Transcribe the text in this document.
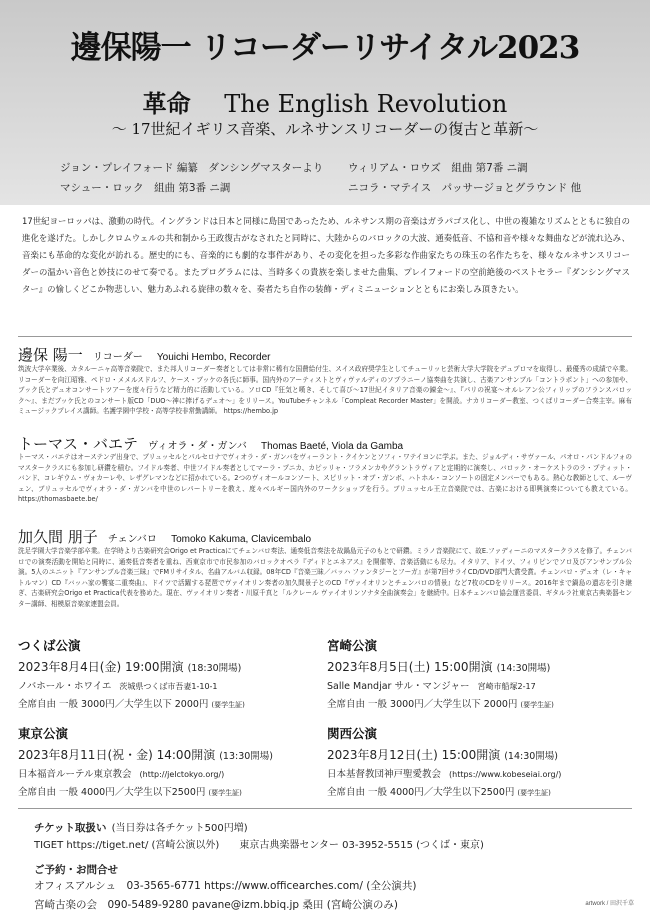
邊保陽一 リコーダーリサイタル2023
革命 The English Revolution
〜 17世紀イギリス音楽、ルネサンスリコーダーの復古と革新〜
ジョン・プレイフォード 編纂　ダンシングマスターより ウィリアム・ロウズ　組曲 第7番 ニ調
マシュー・ロック　組曲 第3番 ニ調	ニコラ・マテイス　パッサージョとグラウンド 他
17世紀ヨーロッパは、激動の時代。イングランドは日本と同様に島国であったため、ルネサンス期の音楽はガラパゴス化し、中世の複雑なリズムとともに独自の進化を遂げた。しかしクロムウェルの共和制から王政復古がなされたと同時に、大陸からのバロックの大波、通奏低音、不協和音や様々な舞曲などが流れ込み、音楽にも革命的な変化が訪れる。歴史的にも、音楽的にも劇的な事件があり、その変化を担った多彩な作曲家たちの珠玉の名作たちを、様々なルネサンスリコーダーの温かい音色と妙技にのせて奏でる。またプログラムには、当時多くの貴族を楽しませた曲集、プレイフォードの空前絶後のベストセラー『ダンシングマスター』の愉しくどこか物悲しい、魅力あふれる旋律の数々を、奏者たち自作の装飾・ディミニューションとともにお楽しみ頂きたい。
邊保 陽一 リコーダー Youichi Hembo, Recorder
筑波大学卒業後、カタルーニャ高等音楽院で、また邦人リコーダー奏者としては非常に稀有な国費給付生、スイス政府奨学生としてチューリッヒ芸術大学大学院をデュプロマを取得し、最優秀の成績で卒業。リコーダーを向江昭雅、ペドロ・メメルスドルフ、ケース・ブッケの各氏に師事。国内外のアーティストとヴィヴァルディのソプラニーノ協奏曲を共演し、古楽アンサンブル「コントラポント」への参加や、ブック氏とデュオコンサートツアーを度々行うなど精力的に活動している。ソロCD『狂気と嘆き、そして喜び〜17世紀イタリア音楽の錬金〜』、『パリの祝宴〜オルレアン公フィリップのフランスバロック〜』、まだブッケ氏とのコンサート版CD「DUO〜神に捧げるデュオ〜」をリリース。YouTubeチャンネル「Compleat Recorder Master」を開設。ナカリコーダー教室、つくばリコーダー合奏主宰。麻布ミュージックプレイス講師。名護学園中学校・高等学校非常勤講師。 https://hembo.jp
トーマス・バエテ ヴィオラ・ダ・ガンバ Thomas Baeté, Viola da Gamba
トーマス・バエテはオーステンデ出身で、ブリュッセルとパルセロナでヴィオラ・ダ・ガンバをヴィーラント・クイケンとソフィ・ワテイヨンに学ぶ。また、ジョルディ・サヴァール、パオロ・パンドルフォのマスタークラスにも参加し研鑽を積む。フイドル奏者、中世フイドル奏者としてマーラ・プニカ、カピッリャ・フラメンカやグラントラヴィアと定期的に演奏し、バロック・オーケストラのラ・プティット・バンド、コレギウム・ヴォカーレや、レザグレマンなどに招かれている。2つのヴィオールコンソート、スピリット・オブ・ガンボ、ハトホル・コンソートの固定メンバーでもある。熱心な教師として、ルーヴェン、ブリュッセルでヴィオラ・ダ・ガンバを中世のレパートリーを教え、度々ベルギー国内外のワークショップを行う。ブリュッセル王立音楽院では、古楽における即興演奏についても教えている。 https://thomasbaete.be/
加久間 朋子 チェンバロ Tomoko Kakuma, Clavicembalo
洗足学園大学音楽学部卒業。在学時より古楽研究会Origo et Practicaにてチェンバロ奏法、通奏低音奏法を故鍋島元子のもとで研鑽。ミラノ音楽院にて、故E.ファディーニのマスタークラスを修了。チェンバロでの演奏活動を開始と同時に、通奏低音奏者を重ね、西東京市で市民参加のバロックオペラ『ディドとエネアス』を開催等、音楽活動にも尽力。イタリア、ドイツ、フィリピンでソロ及びアンサンブル公演。5人のユニット『アンサンブル音楽三昧』でFMリサイタル、名曲アルバム収録。08年CD『音楽三昧／バッハ ファンタジーとフーガ』が第7回サライCD/DVD部門大賞受賞。チェンバロ・デュオ（レ・キャトルマン）CD『バッハ家の饗宴二重奏曲』、ドイツで活躍する琵琶でヴァイオリン奏者の加久間景子とのCD『ヴァイオリンとチェンバロの情景』など7枚のCDをリリース。2016年まで鍋島の遺志を引き継ぎ、古楽研究会Origo et Practica代表を務めた。現在、ヴァイオリン奏者・川原千真と「ルクレール ヴァイオリンソナタ全曲演奏会」を継続中。日本チェンバロ協会運営委員、ギタルラ社東京古典楽器センター講師、相模原音楽家連盟会員。
つくば公演
2023年8月4日(金) 19:00開演 (18:30開場)
ノバホール・ホワイエ 茨城県つくば市吾妻1-10-1
全席自由 一般 3000円／大学生以下 2000円 (要学生証)
宮崎公演
2023年8月5日(土) 15:00開演 (14:30開場)
Salle Mandjar サル・マンジャー 宮崎市船塚2-17
全席自由 一般 3000円／大学生以下 2000円 (要学生証)
東京公演
2023年8月11日(祝・金) 14:00開演 (13:30開場)
日本福音ルーテル東京教会 (http://jelctokyo.org/)
全席自由 一般 4000円／大学生以下2500円 (要学生証)
関西公演
2023年8月12日(土) 15:00開演 (14:30開場)
日本基督教団神戸聖愛教会 (https://www.kobeseiai.org/)
全席自由 一般 4000円／大学生以下2500円 (要学生証)
チケット取扱い (当日券は各チケット500円増)
TIGET https://tiget.net/ (宮崎公演以外)　　東京古典楽器センター 03-3952-5515 (つくば・東京)
ご予約・お問合せ
オフィスアルシュ　03-3565-6771 https://www.officearches.com/ (全公演共)
宮崎古楽の会　090-5489-9280 pavane@izm.bbiq.jp 桑田 (宮崎公演のみ)	artwork / 田沢千草
